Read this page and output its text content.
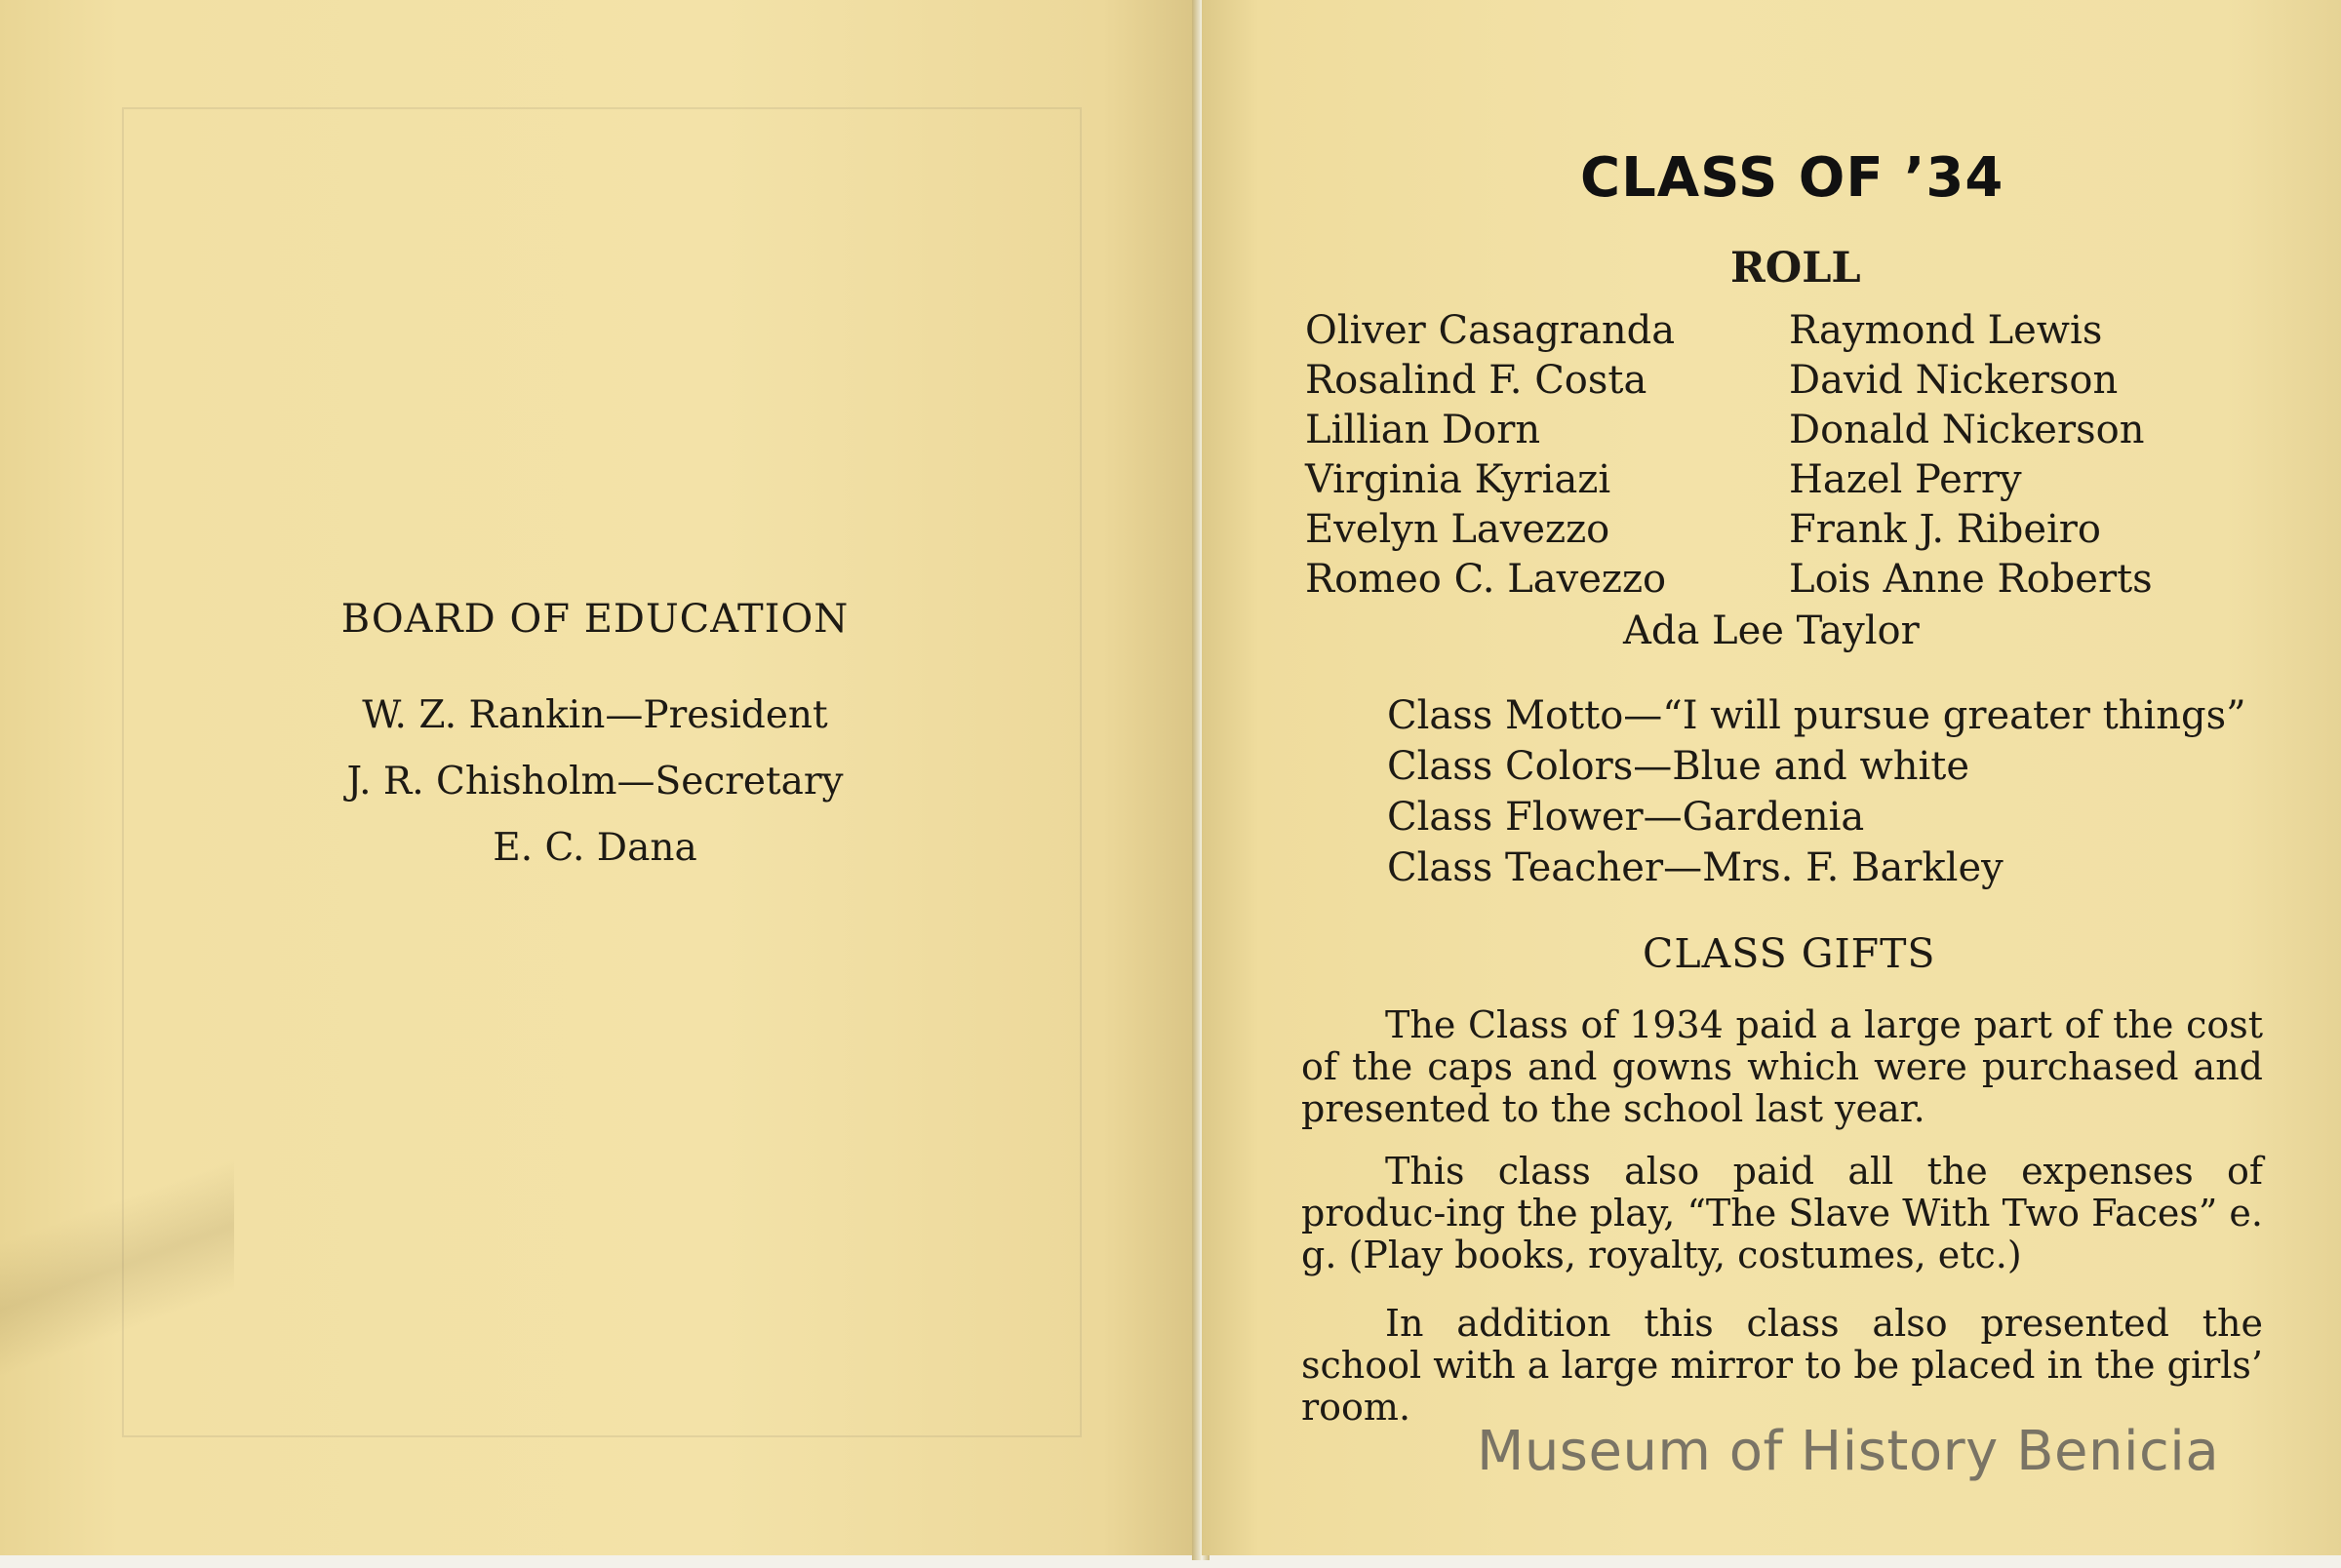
BOARD OF EDUCATION
W. Z. Rankin—President
J. R. Chisholm—Secretary
E. C. Dana
CLASS OF ’34
ROLL
Oliver Casagranda
Rosalind F. Costa
Lillian Dorn
Virginia Kyriazi
Evelyn Lavezzo
Romeo C. Lavezzo
Raymond Lewis
David Nickerson
Donald Nickerson
Hazel Perry
Frank J. Ribeiro
Lois Anne Roberts
Ada Lee Taylor
Class Motto—“I will pursue greater things”
Class Colors—Blue and white
Class Flower—Gardenia
Class Teacher—Mrs. F. Barkley
CLASS GIFTS

The Class of 1934 paid a large part of the cost of the caps and gowns which were purchased and presented to the school last year.

This class also paid all the expenses of produc-ing the play, “The Slave With Two Faces” e. g. (Play books, royalty, costumes, etc.)

In addition this class also presented the school with a large mirror to be placed in the girls’ room.

Museum of History Benicia
